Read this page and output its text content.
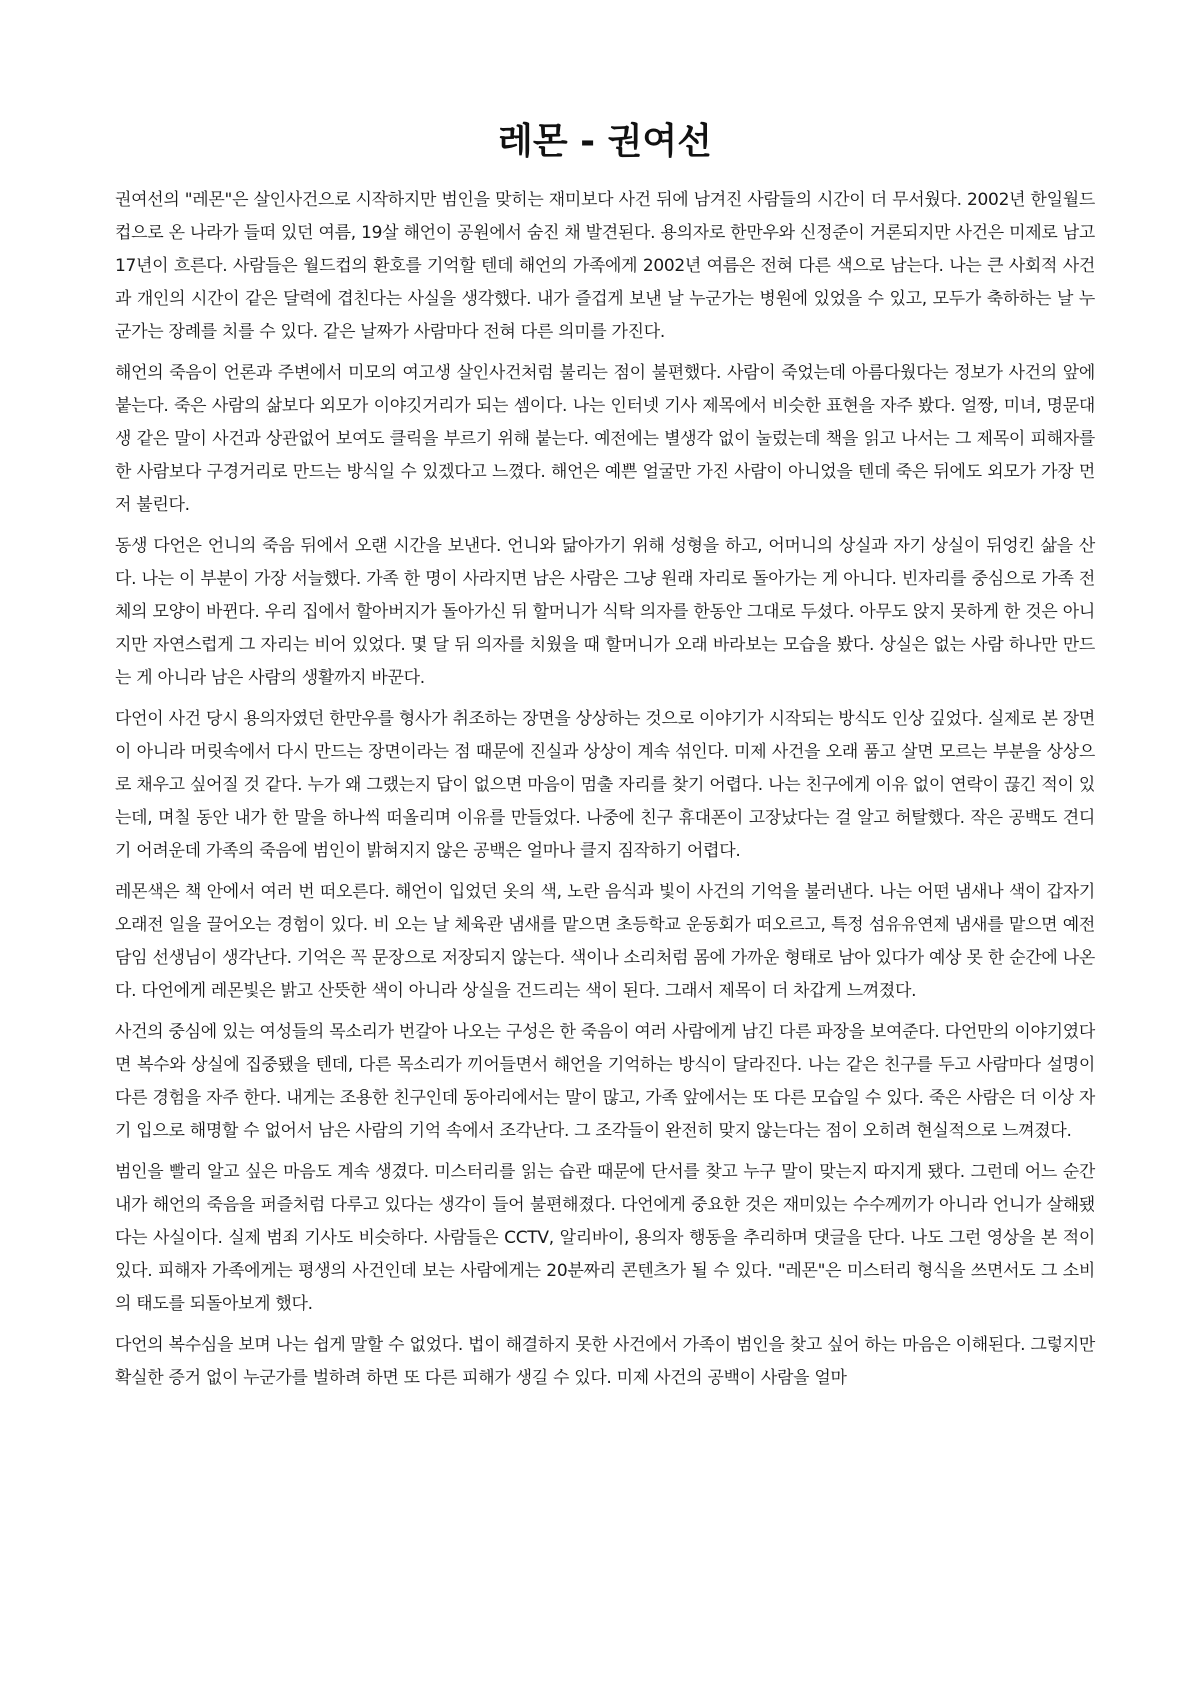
레몬 - 권여선

권여선의 "레몬"은 살인사건으로 시작하지만 범인을 맞히는 재미보다 사건 뒤에 남겨진 사람들의 시간이 더 무서웠다. 2002년 한일월드컵으로 온 나라가 들떠 있던 여름, 19살 해언이 공원에서 숨진 채 발견된다. 용의자로 한만우와 신정준이 거론되지만 사건은 미제로 남고 17년이 흐른다. 사람들은 월드컵의 환호를 기억할 텐데 해언의 가족에게 2002년 여름은 전혀 다른 색으로 남는다. 나는 큰 사회적 사건과 개인의 시간이 같은 달력에 겹친다는 사실을 생각했다. 내가 즐겁게 보낸 날 누군가는 병원에 있었을 수 있고, 모두가 축하하는 날 누군가는 장례를 치를 수 있다. 같은 날짜가 사람마다 전혀 다른 의미를 가진다.

해언의 죽음이 언론과 주변에서 미모의 여고생 살인사건처럼 불리는 점이 불편했다. 사람이 죽었는데 아름다웠다는 정보가 사건의 앞에 붙는다. 죽은 사람의 삶보다 외모가 이야깃거리가 되는 셈이다. 나는 인터넷 기사 제목에서 비슷한 표현을 자주 봤다. 얼짱, 미녀, 명문대생 같은 말이 사건과 상관없어 보여도 클릭을 부르기 위해 붙는다. 예전에는 별생각 없이 눌렀는데 책을 읽고 나서는 그 제목이 피해자를 한 사람보다 구경거리로 만드는 방식일 수 있겠다고 느꼈다. 해언은 예쁜 얼굴만 가진 사람이 아니었을 텐데 죽은 뒤에도 외모가 가장 먼저 불린다.

동생 다언은 언니의 죽음 뒤에서 오랜 시간을 보낸다. 언니와 닮아가기 위해 성형을 하고, 어머니의 상실과 자기 상실이 뒤엉킨 삶을 산다. 나는 이 부분이 가장 서늘했다. 가족 한 명이 사라지면 남은 사람은 그냥 원래 자리로 돌아가는 게 아니다. 빈자리를 중심으로 가족 전체의 모양이 바뀐다. 우리 집에서 할아버지가 돌아가신 뒤 할머니가 식탁 의자를 한동안 그대로 두셨다. 아무도 앉지 못하게 한 것은 아니지만 자연스럽게 그 자리는 비어 있었다. 몇 달 뒤 의자를 치웠을 때 할머니가 오래 바라보는 모습을 봤다. 상실은 없는 사람 하나만 만드는 게 아니라 남은 사람의 생활까지 바꾼다.

다언이 사건 당시 용의자였던 한만우를 형사가 취조하는 장면을 상상하는 것으로 이야기가 시작되는 방식도 인상 깊었다. 실제로 본 장면이 아니라 머릿속에서 다시 만드는 장면이라는 점 때문에 진실과 상상이 계속 섞인다. 미제 사건을 오래 품고 살면 모르는 부분을 상상으로 채우고 싶어질 것 같다. 누가 왜 그랬는지 답이 없으면 마음이 멈출 자리를 찾기 어렵다. 나는 친구에게 이유 없이 연락이 끊긴 적이 있는데, 며칠 동안 내가 한 말을 하나씩 떠올리며 이유를 만들었다. 나중에 친구 휴대폰이 고장났다는 걸 알고 허탈했다. 작은 공백도 견디기 어려운데 가족의 죽음에 범인이 밝혀지지 않은 공백은 얼마나 클지 짐작하기 어렵다.

레몬색은 책 안에서 여러 번 떠오른다. 해언이 입었던 옷의 색, 노란 음식과 빛이 사건의 기억을 불러낸다. 나는 어떤 냄새나 색이 갑자기 오래전 일을 끌어오는 경험이 있다. 비 오는 날 체육관 냄새를 맡으면 초등학교 운동회가 떠오르고, 특정 섬유유연제 냄새를 맡으면 예전 담임 선생님이 생각난다. 기억은 꼭 문장으로 저장되지 않는다. 색이나 소리처럼 몸에 가까운 형태로 남아 있다가 예상 못 한 순간에 나온다. 다언에게 레몬빛은 밝고 산뜻한 색이 아니라 상실을 건드리는 색이 된다. 그래서 제목이 더 차갑게 느껴졌다.

사건의 중심에 있는 여성들의 목소리가 번갈아 나오는 구성은 한 죽음이 여러 사람에게 남긴 다른 파장을 보여준다. 다언만의 이야기였다면 복수와 상실에 집중됐을 텐데, 다른 목소리가 끼어들면서 해언을 기억하는 방식이 달라진다. 나는 같은 친구를 두고 사람마다 설명이 다른 경험을 자주 한다. 내게는 조용한 친구인데 동아리에서는 말이 많고, 가족 앞에서는 또 다른 모습일 수 있다. 죽은 사람은 더 이상 자기 입으로 해명할 수 없어서 남은 사람의 기억 속에서 조각난다. 그 조각들이 완전히 맞지 않는다는 점이 오히려 현실적으로 느껴졌다.

범인을 빨리 알고 싶은 마음도 계속 생겼다. 미스터리를 읽는 습관 때문에 단서를 찾고 누구 말이 맞는지 따지게 됐다. 그런데 어느 순간 내가 해언의 죽음을 퍼즐처럼 다루고 있다는 생각이 들어 불편해졌다. 다언에게 중요한 것은 재미있는 수수께끼가 아니라 언니가 살해됐다는 사실이다. 실제 범죄 기사도 비슷하다. 사람들은 CCTV, 알리바이, 용의자 행동을 추리하며 댓글을 단다. 나도 그런 영상을 본 적이 있다. 피해자 가족에게는 평생의 사건인데 보는 사람에게는 20분짜리 콘텐츠가 될 수 있다. "레몬"은 미스터리 형식을 쓰면서도 그 소비의 태도를 되돌아보게 했다.

다언의 복수심을 보며 나는 쉽게 말할 수 없었다. 법이 해결하지 못한 사건에서 가족이 범인을 찾고 싶어 하는 마음은 이해된다. 그렇지만 확실한 증거 없이 누군가를 벌하려 하면 또 다른 피해가 생길 수 있다. 미제 사건의 공백이 사람을 얼마
